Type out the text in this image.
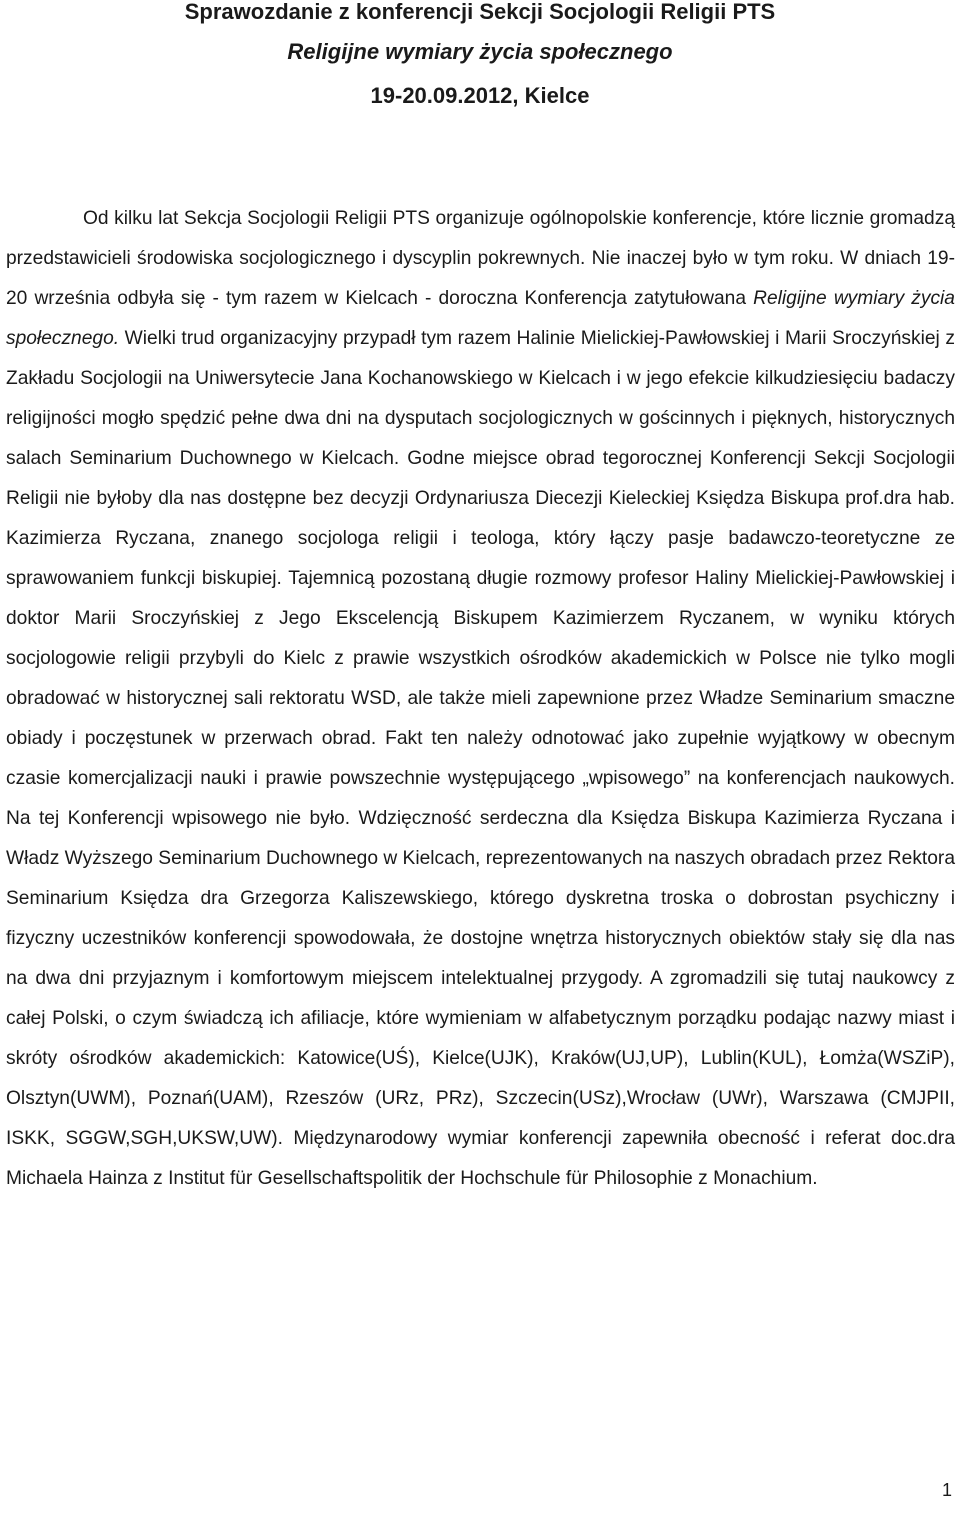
Sprawozdanie z konferencji Sekcji Socjologii Religii PTS
Religijne wymiary życia społecznego
19-20.09.2012, Kielce

Od kilku lat Sekcja Socjologii Religii PTS organizuje ogólnopolskie konferencje, które licznie gromadzą przedstawicieli środowiska socjologicznego i dyscyplin pokrewnych. Nie inaczej było w tym roku. W dniach 19-20 września odbyła się - tym razem w Kielcach - doroczna Konferencja zatytułowana Religijne wymiary życia społecznego. Wielki trud organizacyjny przypadł tym razem Halinie Mielickiej-Pawłowskiej i Marii Sroczyńskiej z Zakładu Socjologii na Uniwersytecie Jana Kochanowskiego w Kielcach i w jego efekcie kilkudziesięciu badaczy religijności mogło spędzić pełne dwa dni na dysputach socjologicznych w gościnnych i pięknych, historycznych salach Seminarium Duchownego w Kielcach. Godne miejsce obrad tegorocznej Konferencji Sekcji Socjologii Religii nie byłoby dla nas dostępne bez decyzji Ordynariusza Diecezji Kieleckiej Księdza Biskupa prof.dra hab. Kazimierza Ryczana, znanego socjologa religii i teologa, który łączy pasje badawczo-teoretyczne ze sprawowaniem funkcji biskupiej. Tajemnicą pozostaną długie rozmowy profesor Haliny Mielickiej-Pawłowskiej i doktor Marii Sroczyńskiej z Jego Ekscelencją Biskupem Kazimierzem Ryczanem, w wyniku których socjologowie religii przybyli do Kielc z prawie wszystkich ośrodków akademickich w Polsce nie tylko mogli obradować w historycznej sali rektoratu WSD, ale także mieli zapewnione przez Władze Seminarium smaczne obiady i poczęstunek w przerwach obrad. Fakt ten należy odnotować jako zupełnie wyjątkowy w obecnym czasie komercjalizacji nauki i prawie powszechnie występującego „wpisowego” na konferencjach naukowych. Na tej Konferencji wpisowego nie było. Wdzięczność serdeczna dla Księdza Biskupa Kazimierza Ryczana i Władz Wyższego Seminarium Duchownego w Kielcach, reprezentowanych na naszych obradach przez Rektora Seminarium Księdza dra Grzegorza Kaliszewskiego, którego dyskretna troska o dobrostan psychiczny i fizyczny uczestników konferencji spowodowała, że dostojne wnętrza historycznych obiektów stały się dla nas na dwa dni przyjaznym i komfortowym miejscem intelektualnej przygody. A zgromadzili się tutaj naukowcy z całej Polski, o czym świadczą ich afiliacje, które wymieniam w alfabetycznym porządku podając nazwy miast i skróty ośrodków akademickich: Katowice(UŚ), Kielce(UJK), Kraków(UJ,UP), Lublin(KUL), Łomża(WSZiP), Olsztyn(UWM), Poznań(UAM), Rzeszów (URz, PRz), Szczecin(USz),Wrocław (UWr), Warszawa (CMJPII, ISKK, SGGW,SGH,UKSW,UW). Międzynarodowy wymiar konferencji zapewniła obecność i referat doc.dra Michaela Hainza z Institut für Gesellschaftspolitik der Hochschule für Philosophie z Monachium.

1
